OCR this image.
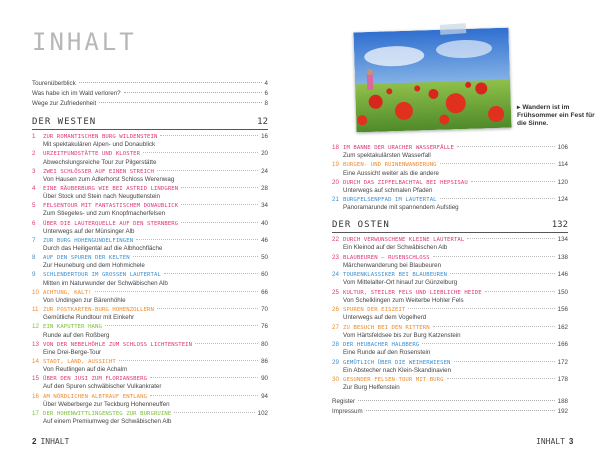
INHALT
Tourenüberblick	4
Was habe ich im Wald verloren?	6
Wege zur Zufriedenheit	8
DER WESTEN	12
1	ZUR ROMANTISCHEN BURG WILDENSTEIN	16
Mit spektakulären Alpen- und Donaublick
2	URZEITFUNDSTÄTTE UND KLOSTER	20
Abwechslungsreiche Tour zur Pilgerstätte
3	ZWEI SCHLÖSSER AUF EINEN STREICH	24
Von Hausen zum Adlerhorst Schloss Werenwag
4	EINE RÄUBERBURG WIE BEI ASTRID LINDGREN	28
Über Stock und Stein nach Neuguttenstein
5	FELSENTOUR MIT FANTASTISCHEM DONAUBLICK	34
Zum Stiegeles- und zum Knopfmacherfelsen
6	ÜBER DIE LAUTERQUELLE AUF DEN STERNBERG	40
Unterwegs auf der Münsinger Alb
7	ZUR BURG HOHENGUNDELFINGEN	46
Durch das Heiligental auf die Albhochfläche
8	AUF DEN SPUREN DER KELTEN	50
Zur Heuneburg und dem Hohmichele
9	SCHLENDERTOUR IM GROSSEN LAUTERTAL	60
Mitten im Naturwunder der Schwäbischen Alb
10 ACHTUNG, KALT!	66
Von Undingen zur Bärenhöhle
11 ZUR POSTKARTEN-BURG HOHENZOLLERN	70
Gemütliche Rundtour mit Einkehr
12 EIN KAPUTTER HANG	76
Runde auf den Roßberg
13 VON DER NEBELHÖHLE ZUM SCHLOSS LICHTENSTEIN	80
Eine Drei-Berge-Tour
14 STADT, LAND, AUSSICHT	86
Von Reutlingen auf die Achalm
15 ÜBER DEN JUSI ZUM FLORIANSBERG	90
Auf den Spuren schwäbischer Vulkankrater
16 AM NÖRDLICHEN ALBTRAUF ENTLANG	94
Über Weberberge zur Teckburg Hohenneuffen
17 DER HOHENWITTLINGENSTEG ZUR BURGRUINE	102
Auf einem Premiumweg der Schwäbischen Alb
2 INHALT
18 IM BANNE DER URACHER WASSERFÄLLE	106
Zum spektakulärsten Wasserfall
19 BURGEN- UND RUINENWANDERUNG	114
Eine Aussicht weiter als die andere
20 DURCH DAS ZIPFELBACHTAL BEI HEPSISAU	120
Unterwegs auf schmalen Pfaden
21 BURGFELSENPFAD IM LAUTERTAL	124
Panoramarunde mit spannendem Aufstieg
DER OSTEN	132
22 DURCH VERWUNSCHENE KLEINE LAUTERTAL	134
Ein Kleinod auf der Schwäbischen Alb
23 BLAUBEUREN – RUSENSCHLOSS	138
Märchenwanderung bei Blaubeuren
24 TOURENKLASSIKER BEI BLAUBEUREN	146
Vom Mittelalter-Ort hinauf zur Günzelburg
25 KULTUR, STEILER FELS UND LIEBLICHE HEIDE	150
Von Schelklingen zum Weiterbe Hohler Fels
26 SPUREN DER EISZEIT	156
Unterwegs auf dem Vogelherd
27 ZU BESUCH BEI DEN RITTERN	162
Vom Härtsfeldsee bis zur Burg Katzenstein
28 DER HEUBACHER HALBBERG	166
Eine Runde auf den Rosenstein
29 GEMÜTLICH ÜBER DIE WEIHERWIESEN	172
Ein Abstecher nach Klein-Skandinavien
30 GESUNDER FELSEN-TOUR MIT BURG	178
Zur Burg Helfenstein
Register	188
Impressum	192
INHALT 3
▸ Wandern ist im Frühsommer ein Fest für die Sinne.
